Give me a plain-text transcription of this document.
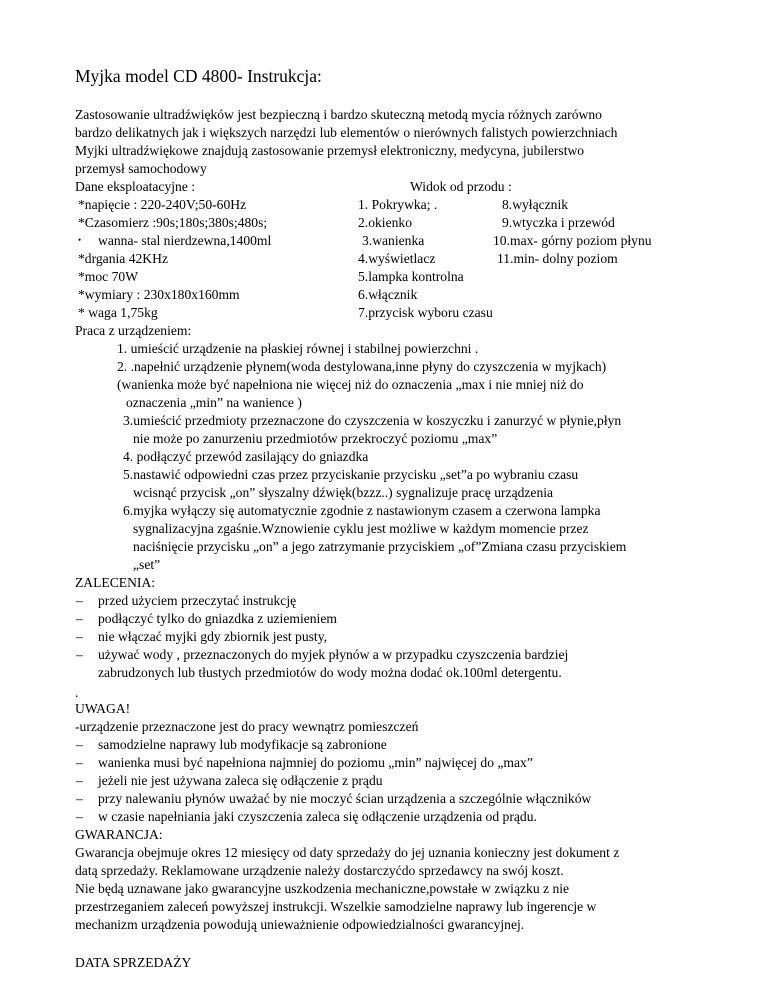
Myjka model CD 4800- Instrukcja:
Zastosowanie ultradźwięków jest bezpieczną i bardzo skuteczną metodą mycia różnych zarówno
bardzo delikatnych jak i większych narzędzi lub elementów o nierównych falistych powierzchniach
Myjki ultradźwiękowe znajdują zastosowanie przemysł elektroniczny, medycyna, jubilerstwo
przemysł samochodowy
Dane eksploatacyjne :	Widok od przodu :
*napięcie : 220-240V;50-60Hz
*Czasomierz :90s;180s;380s;480s;
• wanna- stal nierdzewna,1400ml
*drgania 42KHz
*moc 70W
*wymiary : 230x180x160mm
* waga 1,75kg
1. Pokrywka; .
2.okienko
3.wanienka
4.wyświetlacz
5.lampka kontrolna
6.włącznik
7.przycisk wyboru czasu
8.wyłącznik
9.wtyczka i przewód
10.max- górny poziom płynu
11.min- dolny poziom
Praca z urządzeniem:
1. umieścić urządzenie na płaskiej równej i stabilnej powierzchni .
2. .napełnić urządzenie płynem(woda destylowana,inne płyny do czyszczenia w myjkach)
(wanienka może być napełniona nie więcej niż do oznaczenia „max i nie mniej niż do
oznaczenia „min” na wanience )
3.umieścić przedmioty przeznaczone do czyszczenia w koszyczku i zanurzyć w płynie,płyn
nie może po zanurzeniu przedmiotów przekroczyć poziomu „max”
4. podłączyć przewód zasilający do gniazdka
5.nastawić odpowiedni czas przez przyciskanie przycisku „set”a po wybraniu czasu
wcisnąć przycisk „on” słyszalny dźwięk(bzzz..) sygnalizuje pracę urządzenia
6.myjka wyłączy się automatycznie zgodnie z nastawionym czasem a czerwona lampka
sygnalizacyjna zgaśnie.Wznowienie cyklu jest możliwe w każdym momencie przez
naciśnięcie przycisku „on” a jego zatrzymanie przyciskiem „of”Zmiana czasu przyciskiem
„set”
ZALECENIA:
– przed użyciem przeczytać instrukcję
– podłączyć tylko do gniazdka z uziemieniem
– nie włączać myjki gdy zbiornik jest pusty,
– używać wody , przeznaczonych do myjek płynów a w przypadku czyszczenia bardziej
zabrudzonych lub tłustych przedmiotów do wody można dodać ok.100ml detergentu.
.
UWAGA!
-urządzenie przeznaczone jest do pracy wewnątrz pomieszczeń
– samodzielne naprawy lub modyfikacje są zabronione
– wanienka musi być napełniona najmniej do poziomu „min” najwięcej do „max”
– jeżeli nie jest używana zaleca się odłączenie z prądu
– przy nalewaniu płynów uważać by nie moczyć ścian urządzenia a szczególnie włączników
– w czasie napełniania jaki czyszczenia zaleca się odłączenie urządzenia od prądu.
GWARANCJA:
Gwarancja obejmuje okres 12 miesięcy od daty sprzedaży do jej uznania konieczny jest dokument z
datą sprzedaży. Reklamowane urządzenie należy dostarczyćdo sprzedawcy na swój koszt.
Nie będą uznawane jako gwarancyjne uszkodzenia mechaniczne,powstałe w związku z nie
przestrzeganiem zaleceń powyższej instrukcji. Wszelkie samodzielne naprawy lub ingerencje w
mechanizm urządzenia powodują unieważnienie odpowiedzialności gwarancyjnej.
DATA SPRZEDAŻY
